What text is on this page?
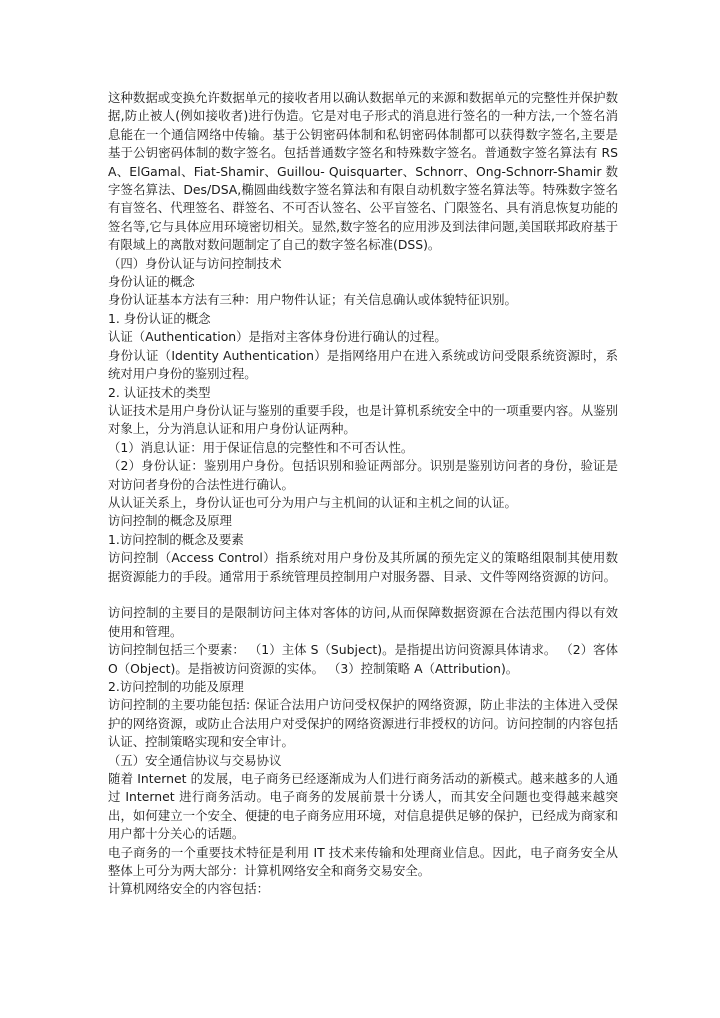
这种数据或变换允许数据单元的接收者用以确认数据单元的来源和数据单元的完整性并保护数据,防止被人(例如接收者)进行伪造。它是对电子形式的消息进行签名的一种方法,一个签名消息能在一个通信网络中传输。基于公钥密码体制和私钥密码体制都可以获得数字签名,主要是基于公钥密码体制的数字签名。包括普通数字签名和特殊数字签名。普通数字签名算法有 RSA、ElGamal、Fiat-Shamir、Guillou- Quisquarter、Schnorr、Ong-Schnorr-Shamir 数字签名算法、Des/DSA,椭圆曲线数字签名算法和有限自动机数字签名算法等。特殊数字签名有盲签名、代理签名、群签名、不可否认签名、公平盲签名、门限签名、具有消息恢复功能的签名等,它与具体应用环境密切相关。显然,数字签名的应用涉及到法律问题,美国联邦政府基于有限域上的离散对数问题制定了自己的数字签名标准(DSS)。

（四）身份认证与访问控制技术

身份认证的概念

身份认证基本方法有三种：用户物件认证；有关信息确认或体貌特征识别。

1. 身份认证的概念

认证（Authentication）是指对主客体身份进行确认的过程。

身份认证（Identity Authentication）是指网络用户在进入系统或访问受限系统资源时，系统对用户身份的鉴别过程。

2. 认证技术的类型

认证技术是用户身份认证与鉴别的重要手段，也是计算机系统安全中的一项重要内容。从鉴别对象上，分为消息认证和用户身份认证两种。

（1）消息认证：用于保证信息的完整性和不可否认性。

（2）身份认证：鉴别用户身份。包括识别和验证两部分。识别是鉴别访问者的身份，验证是对访问者身份的合法性进行确认。

从认证关系上，身份认证也可分为用户与主机间的认证和主机之间的认证。

访问控制的概念及原理

1.访问控制的概念及要素

访问控制（Access Control）指系统对用户身份及其所属的预先定义的策略组限制其使用数据资源能力的手段。通常用于系统管理员控制用户对服务器、目录、文件等网络资源的访问。

访问控制的主要目的是限制访问主体对客体的访问,从而保障数据资源在合法范围内得以有效使用和管理。

访问控制包括三个要素： （1）主体 S（Subject)。是指提出访问资源具体请求。 （2）客体 O（Object)。是指被访问资源的实体。 （3）控制策略 A（Attribution)。

2.访问控制的功能及原理

访问控制的主要功能包括: 保证合法用户访问受权保护的网络资源，防止非法的主体进入受保护的网络资源，或防止合法用户对受保护的网络资源进行非授权的访问。访问控制的内容包括认证、控制策略实现和安全审计。

（五）安全通信协议与交易协议

随着 Internet 的发展，电子商务已经逐渐成为人们进行商务活动的新模式。越来越多的人通过 Internet 进行商务活动。电子商务的发展前景十分诱人，而其安全问题也变得越来越突出，如何建立一个安全、便捷的电子商务应用环境，对信息提供足够的保护，已经成为商家和用户都十分关心的话题。

电子商务的一个重要技术特征是利用 IT 技术来传输和处理商业信息。因此，电子商务安全从整体上可分为两大部分：计算机网络安全和商务交易安全。

计算机网络安全的内容包括：
